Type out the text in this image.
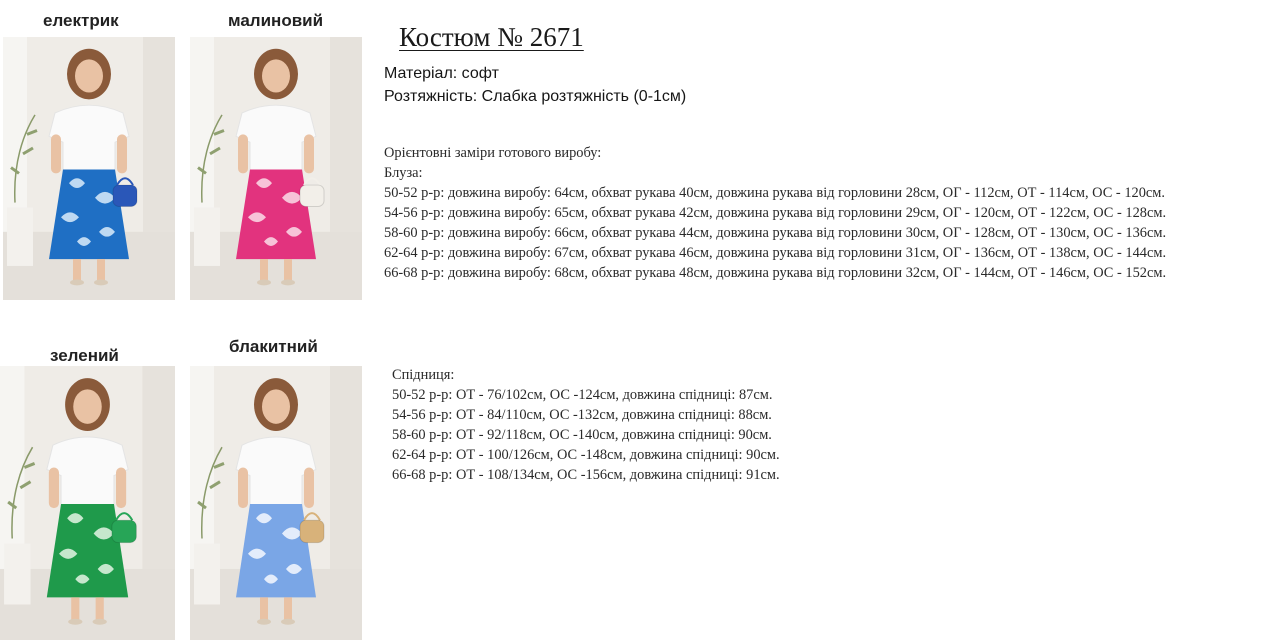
електрик	малиновий
зелений	блакитний
Костюм № 2671
Матеріал: софт
Розтяжність: Слабка розтяжність (0-1см)
Орієнтовні заміри готового виробу:
Блуза:
50-52 р-р: довжина виробу: 64см, обхват рукава 40см, довжина рукава від горловини 28см, ОГ - 112см, ОТ - 114см, ОС - 120см.
54-56 р-р: довжина виробу: 65см, обхват рукава 42см, довжина рукава від горловини 29см, ОГ - 120см, ОТ - 122см, ОС - 128см.
58-60 р-р: довжина виробу: 66см, обхват рукава 44см, довжина рукава від горловини 30см, ОГ - 128см, ОТ - 130см, ОС - 136см.
62-64 р-р: довжина виробу: 67см, обхват рукава 46см, довжина рукава від горловини 31см, ОГ - 136см, ОТ - 138см, ОС - 144см.
66-68 р-р: довжина виробу: 68см, обхват рукава 48см, довжина рукава від горловини 32см, ОГ - 144см, ОТ - 146см, ОС - 152см.
Спідниця:
50-52 р-р: ОТ - 76/102см, ОС -124см, довжина спідниці: 87см.
54-56 р-р: ОТ - 84/110см, ОС -132см, довжина спідниці: 88см.
58-60 р-р: ОТ - 92/118см, ОС -140см, довжина спідниці: 90см.
62-64 р-р: ОТ - 100/126см, ОС -148см, довжина спідниці: 90см.
66-68 р-р: ОТ - 108/134см, ОС -156см, довжина спідниці: 91см.
